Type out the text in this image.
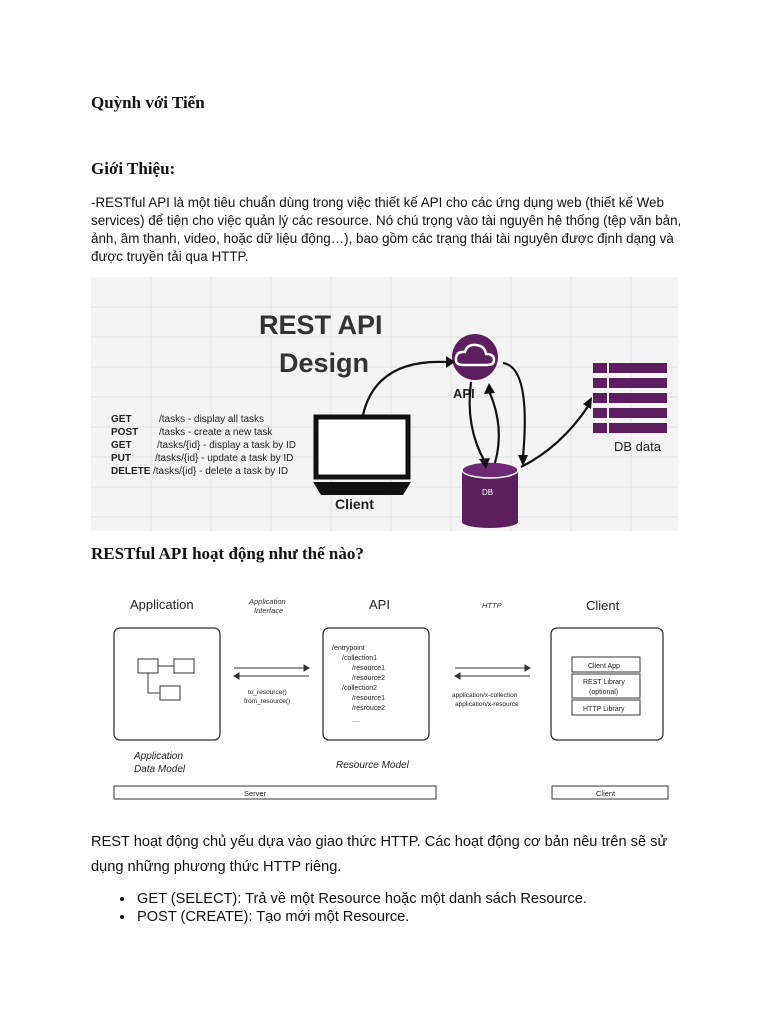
Quỳnh với Tiến
Giới Thiệu:
-RESTful API là một tiêu chuẩn dùng trong việc thiết kế API cho các ứng dụng web (thiết kế Web services) để tiện cho việc quản lý các resource. Nó chú trọng vào tài nguyên hệ thống (tệp văn bản, ảnh, âm thanh, video, hoặc dữ liệu động…), bao gồm các trạng thái tài nguyên được định dạng và được truyền tải qua HTTP.
REST API
Design
GET	/tasks - display all tasks
POST /tasks - create a new task
GET	/tasks/{id} - display a task by ID
PUT /tasks/{id} - update a task by ID
DELETE /tasks/{id} - delete a task by ID
Client
API
DB
DB data
RESTful API hoạt động như thế nào?
Application	Application Interface	API	HTTP	Client
Application
Data Model
to_resource()
from_resource()
/entrypoint
/collection1
/resource1
/resource2
/collection2
/resource1
/resrouce2
....
Resource Model
application/x-collection
application/x-resource
Client App
REST Library
(optional)
HTTP Library
Server	Client
REST hoạt động chủ yếu dựa vào giao thức HTTP. Các hoạt động cơ bản nêu trên sẽ sử dụng những phương thức HTTP riêng.
• GET (SELECT): Trả về một Resource hoặc một danh sách Resource.
• POST (CREATE): Tạo mới một Resource.
